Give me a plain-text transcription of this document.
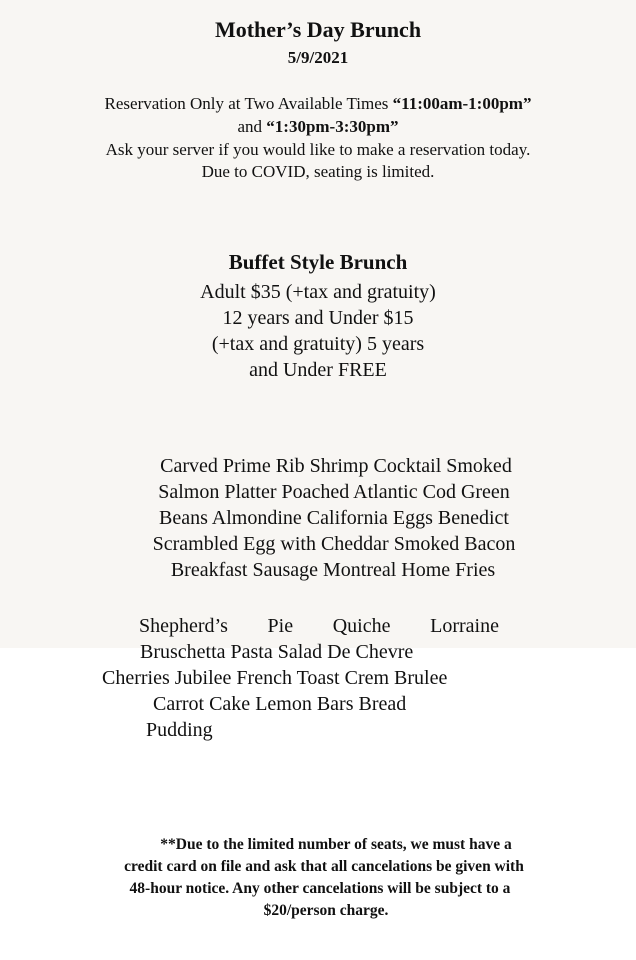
Mother’s Day Brunch
5/9/2021
Reservation Only at Two Available Times “11:00am-1:00pm”
and “1:30pm-3:30pm”
Ask your server if you would like to make a reservation today.
Due to COVID, seating is limited.
Buffet Style Brunch
Adult $35 (+tax and gratuity)
12 years and Under $15
(+tax and gratuity) 5 years
and Under FREE
Carved Prime Rib Shrimp Cocktail Smoked
Salmon Platter Poached Atlantic Cod Green
Beans Almondine California Eggs Benedict
Scrambled Egg with Cheddar Smoked Bacon
Breakfast Sausage Montreal Home Fries
Shepherd’s Pie Quiche Lorraine
Bruschetta Pasta Salad De Chevre
Cherries Jubilee French Toast Crem Brulee
Carrot Cake Lemon Bars Bread
Pudding
**Due to the limited number of seats, we must have a
credit card on file and ask that all cancelations be given with
48-hour notice. Any other cancelations will be subject to a
$20/person charge.
